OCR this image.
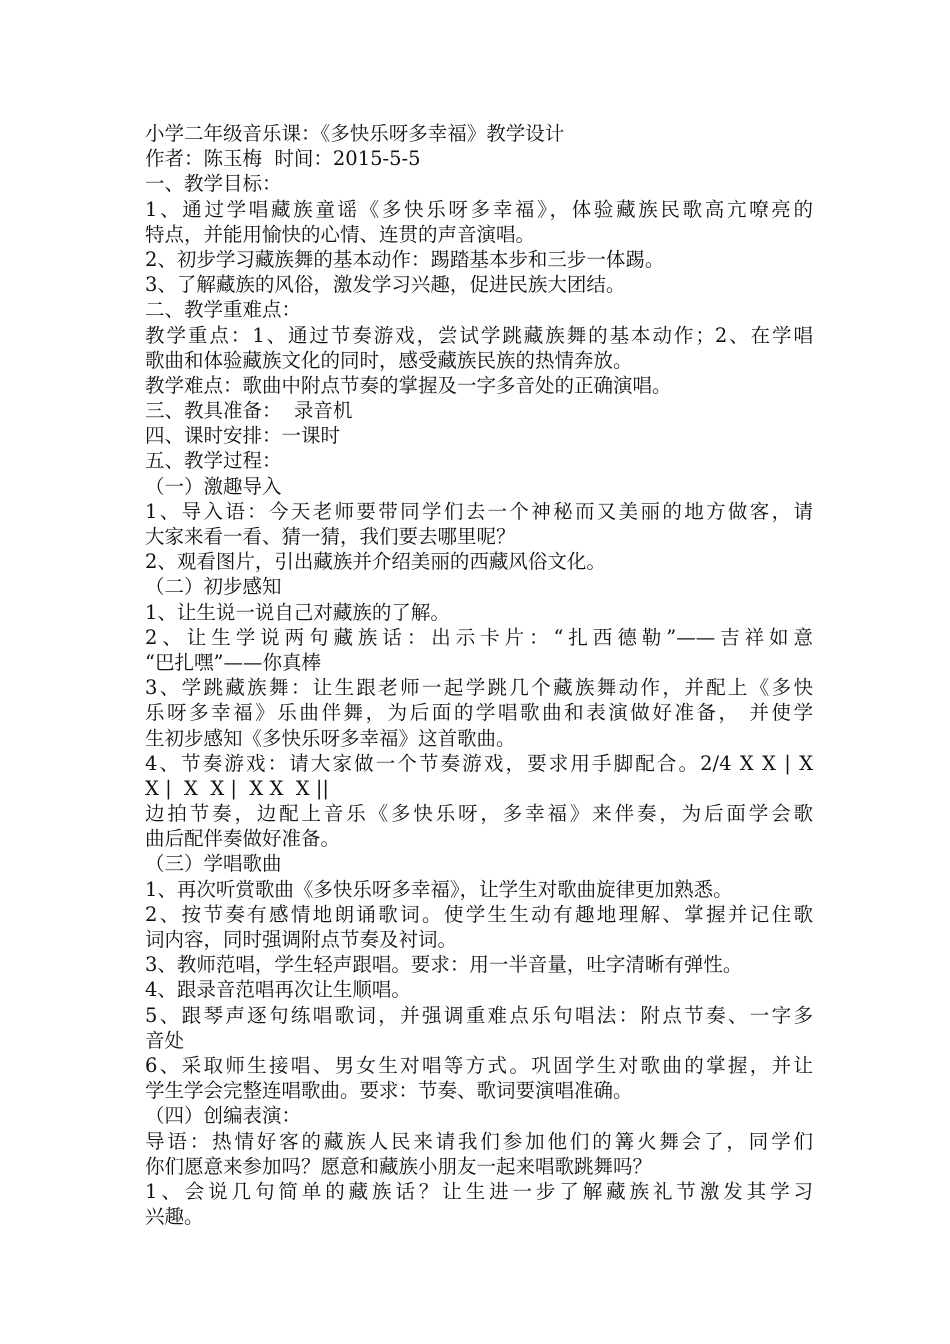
小学二年级音乐课：《多快乐呀多幸福》教学设计
作者：陈玉梅  时间：2015-5-5
一、教学目标：
1、通过学唱藏族童谣《多快乐呀多幸福》，体验藏族民歌高亢嘹亮的
特点，并能用愉快的心情、连贯的声音演唱。
2、初步学习藏族舞的基本动作：踢踏基本步和三步一体踢。
3、了解藏族的风俗，激发学习兴趣，促进民族大团结。
二、教学重难点：
教学重点：1、通过节奏游戏，尝试学跳藏族舞的基本动作；2、在学唱
歌曲和体验藏族文化的同时，感受藏族民族的热情奔放。
教学难点：歌曲中附点节奏的掌握及一字多音处的正确演唱。
三、教具准备：  录音机
四、课时安排：一课时
五、教学过程：
（一）激趣导入
1、导入语：今天老师要带同学们去一个神秘而又美丽的地方做客，请
大家来看一看、猜一猜，我们要去哪里呢？
2、观看图片，引出藏族并介绍美丽的西藏风俗文化。
（二）初步感知
1、让生说一说自己对藏族的了解。
2、让生学说两句藏族话：出示卡片：“扎西德勒”——吉祥如意
“巴扎嘿”——你真棒
3、学跳藏族舞：让生跟老师一起学跳几个藏族舞动作，并配上《多快
乐呀多幸福》乐曲伴舞，为后面的学唱歌曲和表演做好准备， 并使学
生初步感知《多快乐呀多幸福》这首歌曲。
4、节奏游戏：请大家做一个节奏游戏，要求用手脚配合。2/4 X X | X
X |  X  X |  X X  X ||
边拍节奏，边配上音乐《多快乐呀，多幸福》来伴奏，为后面学会歌
曲后配伴奏做好准备。
（三）学唱歌曲
1、再次听赏歌曲《多快乐呀多幸福》，让学生对歌曲旋律更加熟悉。
2、按节奏有感情地朗诵歌词。使学生生动有趣地理解、掌握并记住歌
词内容，同时强调附点节奏及衬词。
3、教师范唱，学生轻声跟唱。要求：用一半音量，吐字清晰有弹性。
4、跟录音范唱再次让生顺唱。
5、跟琴声逐句练唱歌词，并强调重难点乐句唱法：附点节奏、一字多
音处
6、采取师生接唱、男女生对唱等方式。巩固学生对歌曲的掌握，并让
学生学会完整连唱歌曲。要求：节奏、歌词要演唱准确。
（四）创编表演：
导语：热情好客的藏族人民来请我们参加他们的篝火舞会了，同学们
你们愿意来参加吗？愿意和藏族小朋友一起来唱歌跳舞吗？
1、会说几句简单的藏族话？让生进一步了解藏族礼节激发其学习
兴趣。
